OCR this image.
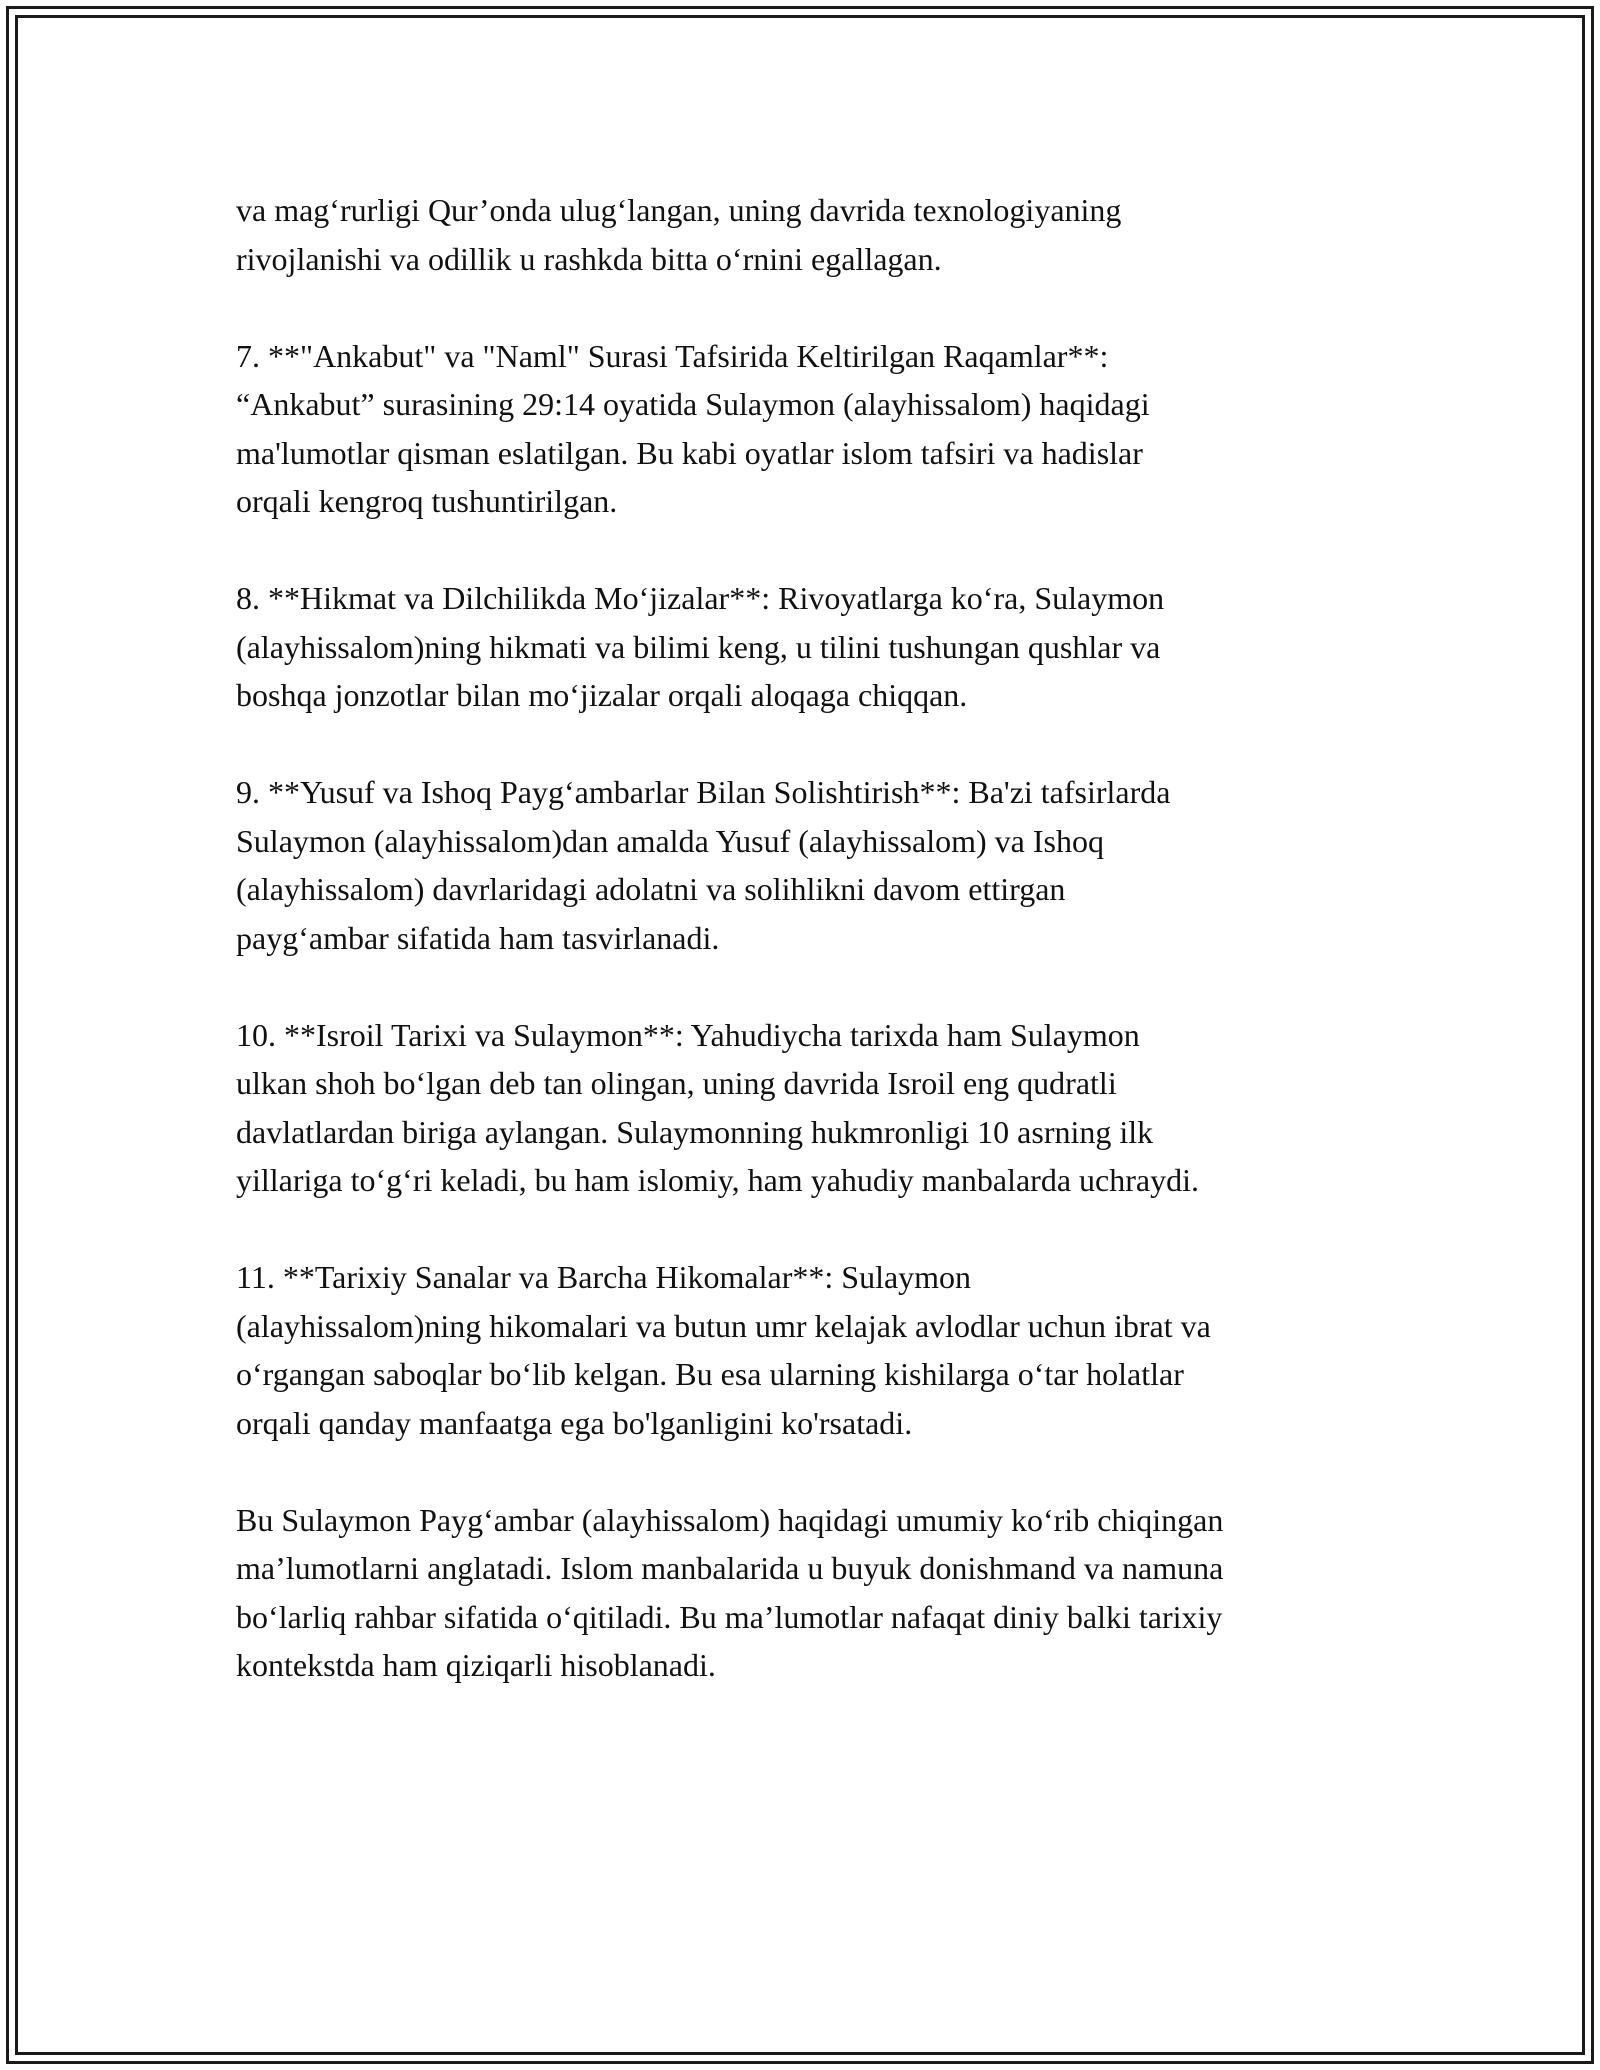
va mag‘rurligi Qur’onda ulug‘langan, uning davrida texnologiyaning
rivojlanishi va odillik u rashkda bitta o‘rnini egallagan.

7. **"Ankabut" va "Naml" Surasi Tafsirida Keltirilgan Raqamlar**:
“Ankabut” surasining 29:14 oyatida Sulaymon (alayhissalom) haqidagi
ma'lumotlar qisman eslatilgan. Bu kabi oyatlar islom tafsiri va hadislar
orqali kengroq tushuntirilgan.

8. **Hikmat va Dilchilikda Mo‘jizalar**: Rivoyatlarga ko‘ra, Sulaymon
(alayhissalom)ning hikmati va bilimi keng, u tilini tushungan qushlar va
boshqa jonzotlar bilan mo‘jizalar orqali aloqaga chiqqan.

9. **Yusuf va Ishoq Payg‘ambarlar Bilan Solishtirish**: Ba'zi tafsirlarda
Sulaymon (alayhissalom)dan amalda Yusuf (alayhissalom) va Ishoq
(alayhissalom) davrlaridagi adolatni va solihlikni davom ettirgan
payg‘ambar sifatida ham tasvirlanadi.

10. **Isroil Tarixi va Sulaymon**: Yahudiycha tarixda ham Sulaymon
ulkan shoh bo‘lgan deb tan olingan, uning davrida Isroil eng qudratli
davlatlardan biriga aylangan. Sulaymonning hukmronligi 10 asrning ilk
yillariga to‘g‘ri keladi, bu ham islomiy, ham yahudiy manbalarda uchraydi.

11. **Tarixiy Sanalar va Barcha Hikomalar**: Sulaymon
(alayhissalom)ning hikomalari va butun umr kelajak avlodlar uchun ibrat va
o‘rgangan saboqlar bo‘lib kelgan. Bu esa ularning kishilarga o‘tar holatlar
orqali qanday manfaatga ega bo'lganligini ko'rsatadi.

Bu Sulaymon Payg‘ambar (alayhissalom) haqidagi umumiy ko‘rib chiqingan
ma’lumotlarni anglatadi. Islom manbalarida u buyuk donishmand va namuna
bo‘larliq rahbar sifatida o‘qitiladi. Bu ma’lumotlar nafaqat diniy balki tarixiy
kontekstda ham qiziqarli hisoblanadi.
